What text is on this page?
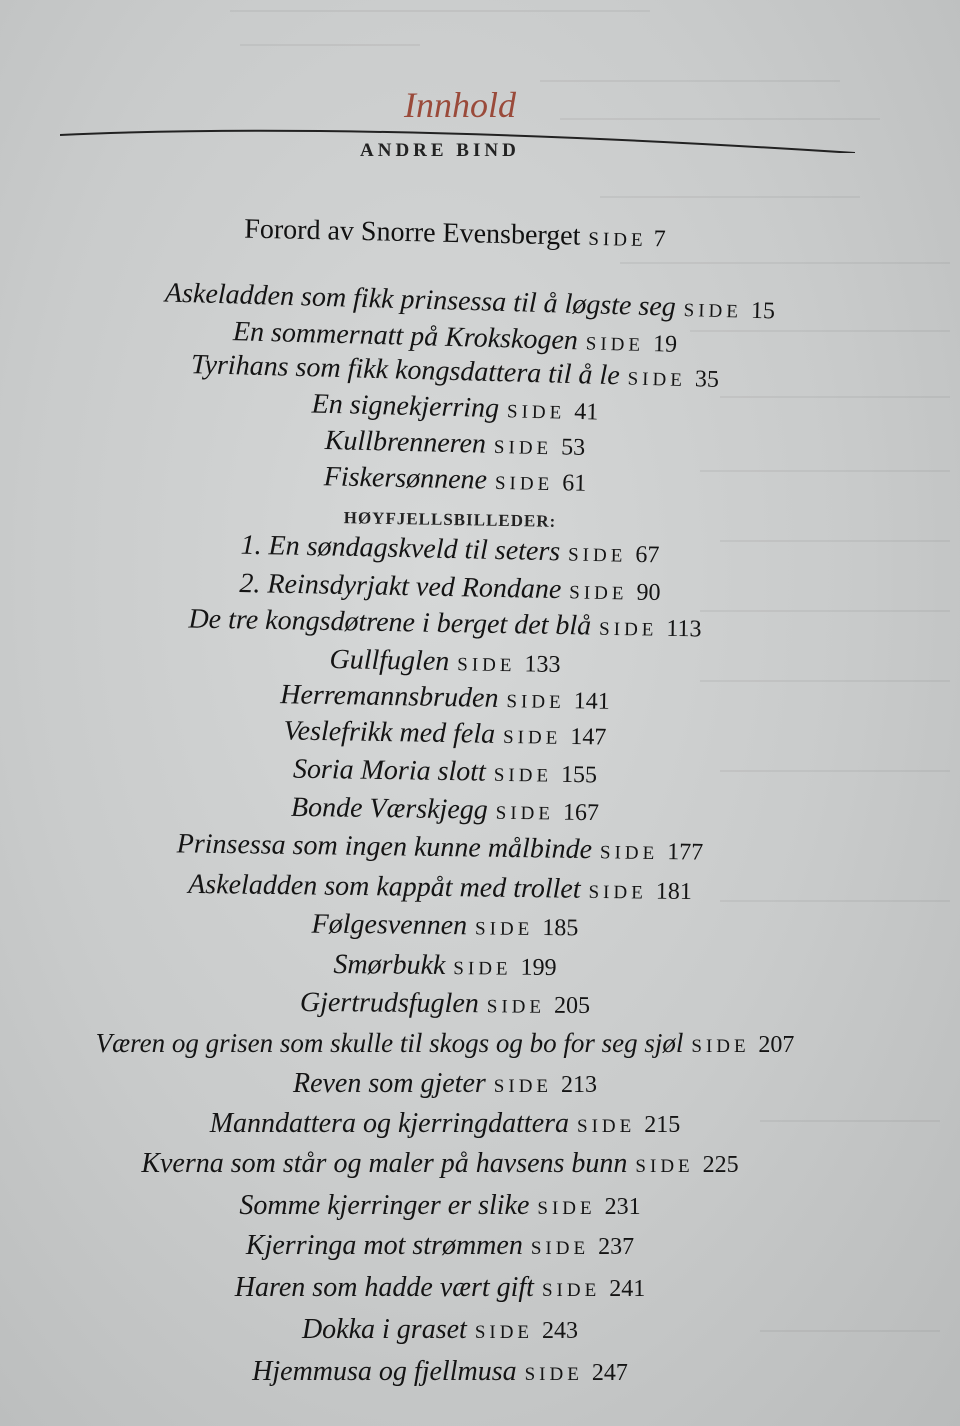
Innhold
ANDRE BIND
Forord av Snorre Evensberget SIDE 7
HØYFJELLSBILLEDER:
Askeladden som fikk prinsessa til å løgste seg SIDE 15
En sommernatt på Krokskogen SIDE 19
Tyrihans som fikk kongsdattera til å le SIDE 35
En signekjerring SIDE 41
Kullbrenneren SIDE 53
Fiskersønnene SIDE 61
1. En søndagskveld til seters SIDE 67
2. Reinsdyrjakt ved Rondane SIDE 90
De tre kongsdøtrene i berget det blå SIDE 113
Gullfuglen SIDE 133
Herremannsbruden SIDE 141
Veslefrikk med fela SIDE 147
Soria Moria slott SIDE 155
Bonde Værskjegg SIDE 167
Prinsessa som ingen kunne målbinde SIDE 177
Askeladden som kappåt med trollet SIDE 181
Følgesvennen SIDE 185
Smørbukk SIDE 199
Gjertrudsfuglen SIDE 205
Væren og grisen som skulle til skogs og bo for seg sjøl SIDE 207
Reven som gjeter SIDE 213
Manndattera og kjerringdattera SIDE 215
Kverna som står og maler på havsens bunn SIDE 225
Somme kjerringer er slike SIDE 231
Kjerringa mot strømmen SIDE 237
Haren som hadde vært gift SIDE 241
Dokka i graset SIDE 243
Hjemmusa og fjellmusa SIDE 247
